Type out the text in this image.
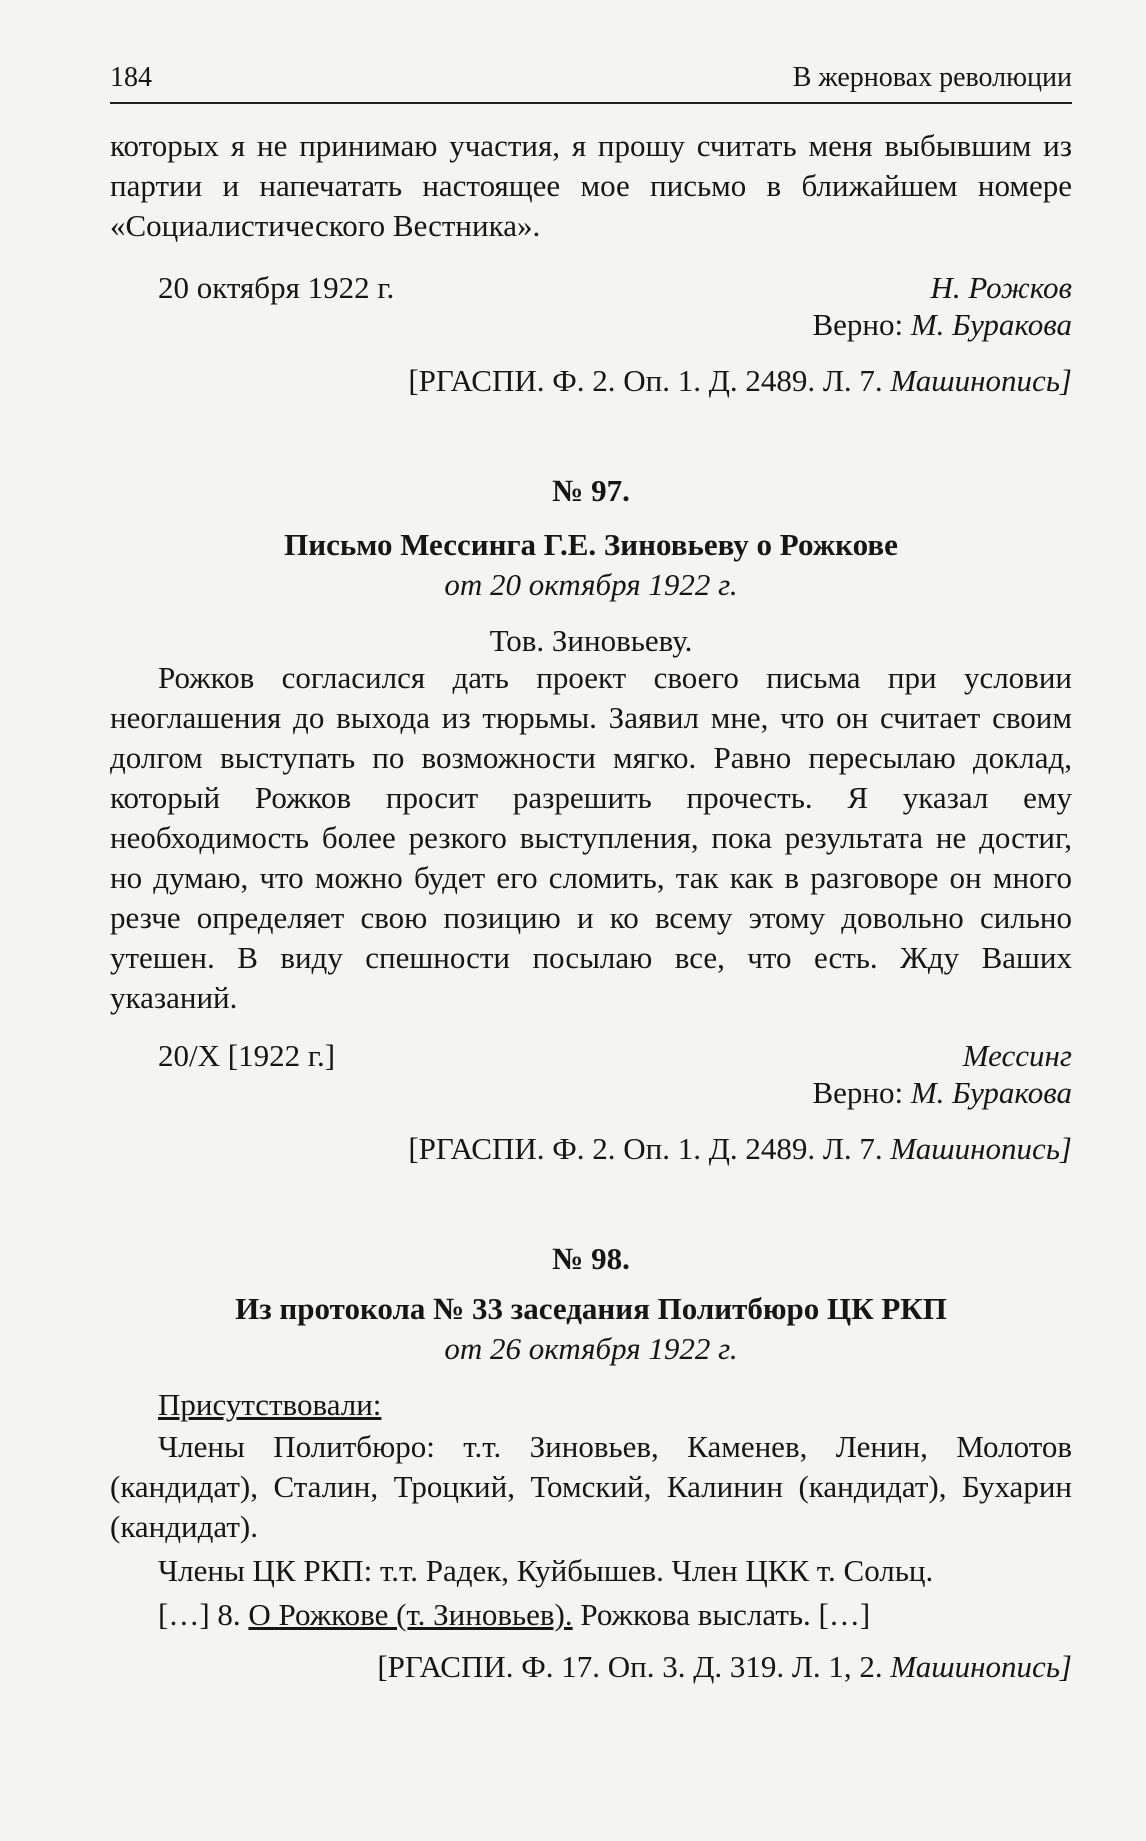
184	В жерновах революции

которых я не принимаю участия, я прошу считать меня выбывшим из партии и напечатать настоящее мое письмо в ближайшем номере «Социалистического Вестника».

20 октября 1922 г.	Н. Рожков

Верно: М. Буракова

[РГАСПИ. Ф. 2. Оп. 1. Д. 2489. Л. 7. Машинопись]

№ 97.

Письмо Мессинга Г.Е. Зиновьеву о Рожкове

от 20 октября 1922 г.

Тов. Зиновьеву.

Рожков согласился дать проект своего письма при условии неоглашения до выхода из тюрьмы. Заявил мне, что он считает своим долгом выступать по возможности мягко. Равно пересылаю доклад, который Рожков просит разрешить прочесть. Я указал ему необходимость более резкого выступления, пока результата не достиг, но думаю, что можно будет его сломить, так как в разговоре он много резче определяет свою позицию и ко всему этому довольно сильно утешен. В виду спешности посылаю все, что есть. Жду Ваших указаний.

20/X [1922 г.]	Мессинг

Верно: М. Буракова

[РГАСПИ. Ф. 2. Оп. 1. Д. 2489. Л. 7. Машинопись]

№ 98.

Из протокола № 33 заседания Политбюро ЦК РКП

от 26 октября 1922 г.

Присутствовали:

Члены Политбюро: т.т. Зиновьев, Каменев, Ленин, Молотов (кандидат), Сталин, Троцкий, Томский, Калинин (кандидат), Бухарин (кандидат).

Члены ЦК РКП: т.т. Радек, Куйбышев. Член ЦКК т. Сольц.

[…] 8. О Рожкове (т. Зиновьев). Рожкова выслать. […]

[РГАСПИ. Ф. 17. Оп. 3. Д. 319. Л. 1, 2. Машинопись]
